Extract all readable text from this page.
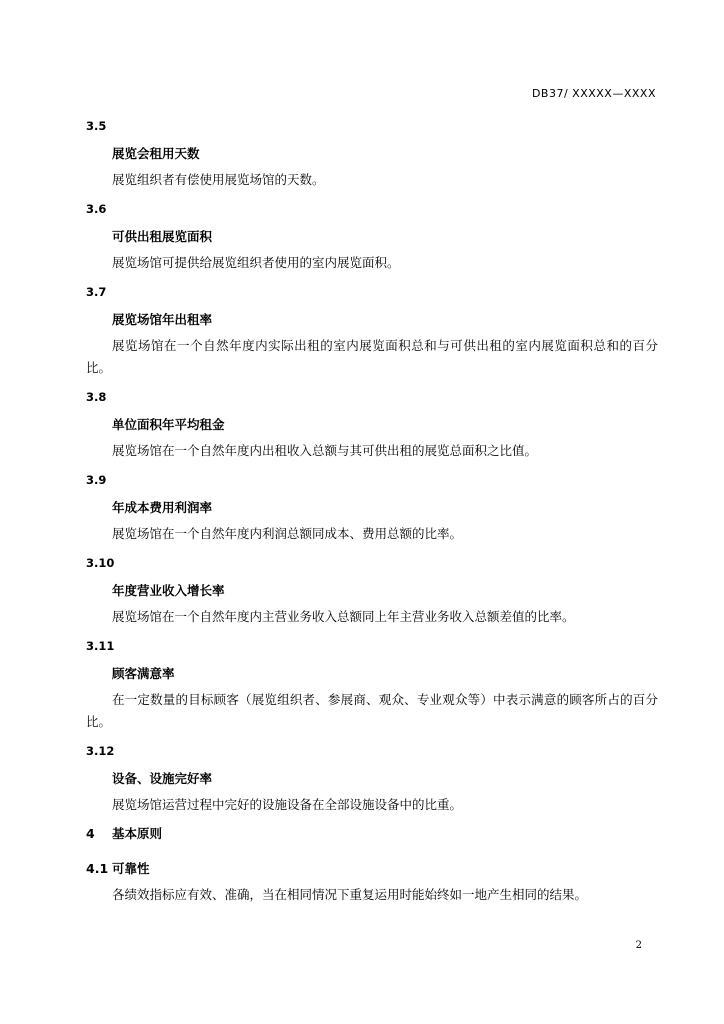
DB37/ XXXXX—XXXX

3.5

展览会租用天数

展览组织者有偿使用展览场馆的天数。

3.6

可供出租展览面积

展览场馆可提供给展览组织者使用的室内展览面积。

3.7

展览场馆年出租率

展览场馆在一个自然年度内实际出租的室内展览面积总和与可供出租的室内展览面积总和的百分比。

3.8

单位面积年平均租金

展览场馆在一个自然年度内出租收入总额与其可供出租的展览总面积之比值。

3.9

年成本费用利润率

展览场馆在一个自然年度内利润总额同成本、费用总额的比率。

3.10

年度营业收入增长率

展览场馆在一个自然年度内主营业务收入总额同上年主营业务收入总额差值的比率。

3.11

顾客满意率

在一定数量的目标顾客（展览组织者、参展商、观众、专业观众等）中表示满意的顾客所占的百分比。

3.12

设备、设施完好率

展览场馆运营过程中完好的设施设备在全部设施设备中的比重。

4 基本原则

4.1 可靠性

各绩效指标应有效、准确，当在相同情况下重复运用时能始终如一地产生相同的结果。

2
